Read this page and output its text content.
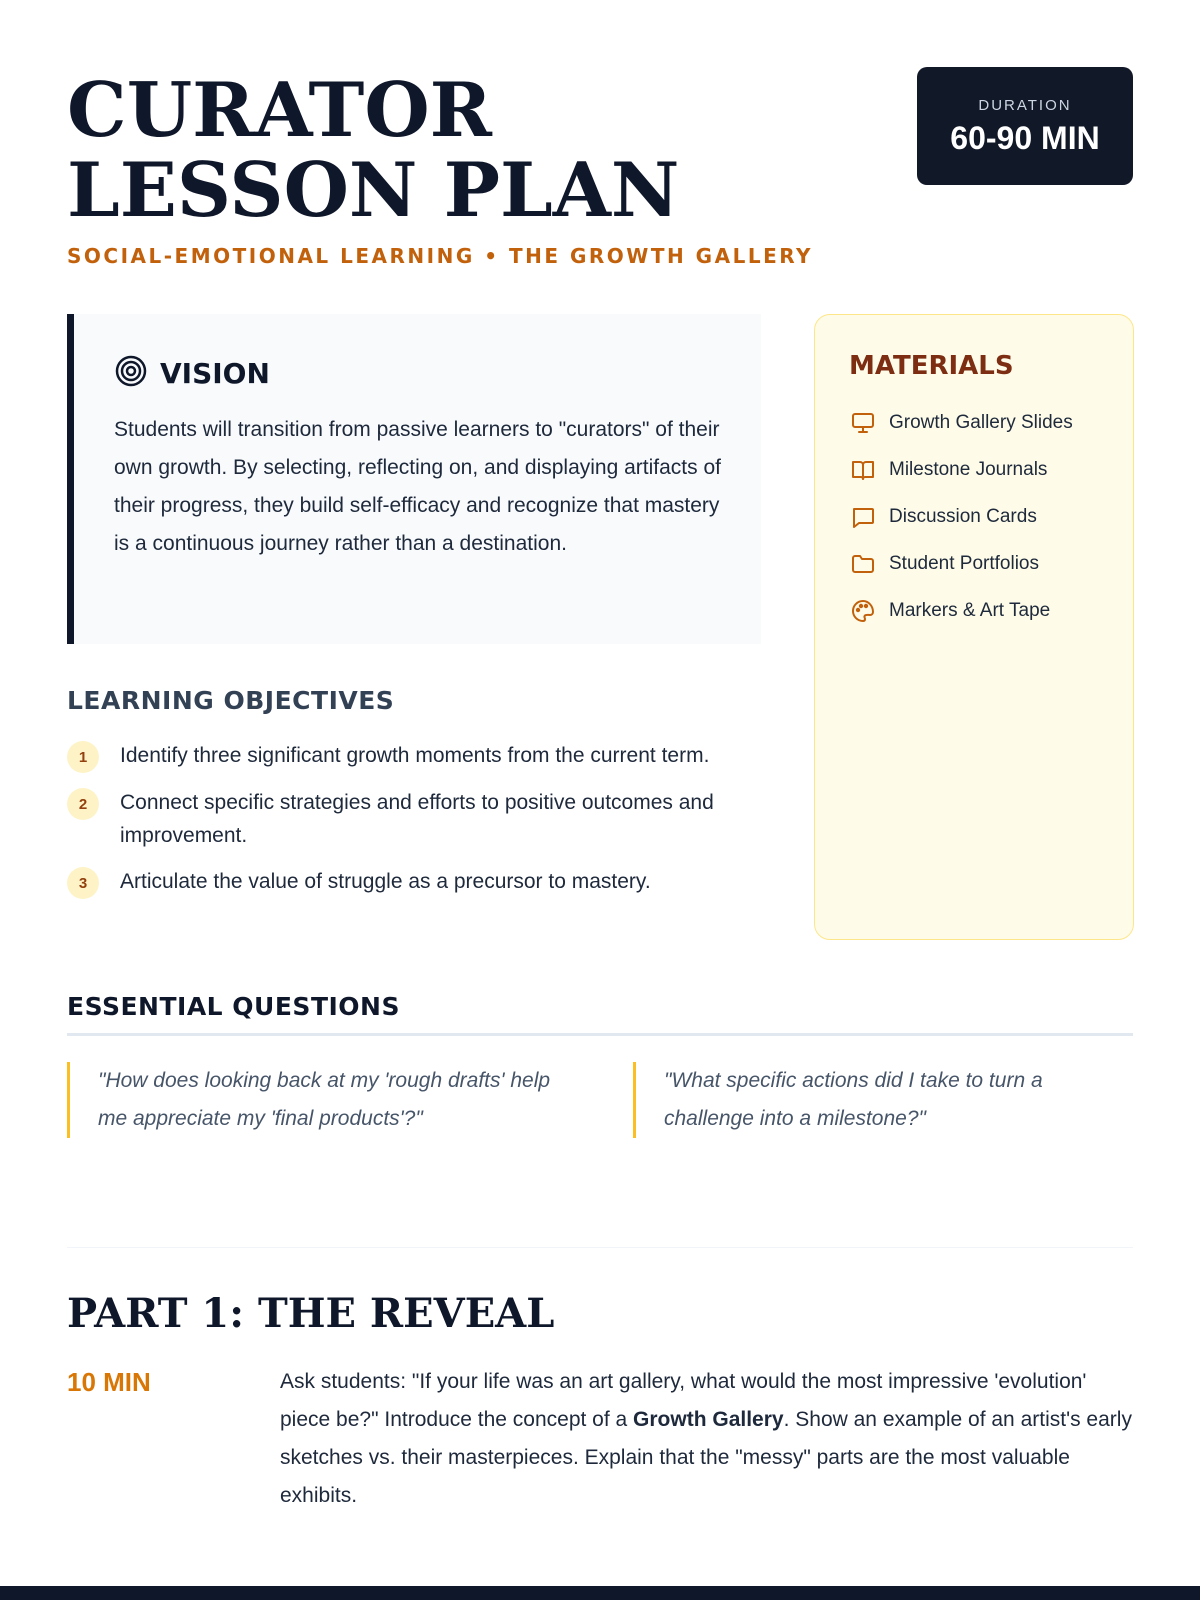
CURATOR LESSON PLAN
SOCIAL-EMOTIONAL LEARNING • THE GROWTH GALLERY
DURATION
60-90 MIN
VISION

Students will transition from passive learners to "curators" of their own growth. By selecting, reflecting on, and displaying artifacts of their progress, they build self-efficacy and recognize that mastery is a continuous journey rather than a destination.

MATERIALS
Growth Gallery Slides
Milestone Journals
Discussion Cards
Student Portfolios
Markers & Art Tape
LEARNING OBJECTIVES
1	Identify three significant growth moments from the current term.
2	Connect specific strategies and efforts to positive outcomes and improvement.
3	Articulate the value of struggle as a precursor to mastery.
ESSENTIAL QUESTIONS
"How does looking back at my 'rough drafts' help me appreciate my 'final products'?"
"What specific actions did I take to turn a challenge into a milestone?"
PART 1: THE REVEAL
10 MIN	Ask students: "If your life was an art gallery, what would the most impressive 'evolution' piece be?" Introduce the concept of a Growth Gallery. Show an example of an artist's early sketches vs. their masterpieces. Explain that the "messy" parts are the most valuable exhibits.
